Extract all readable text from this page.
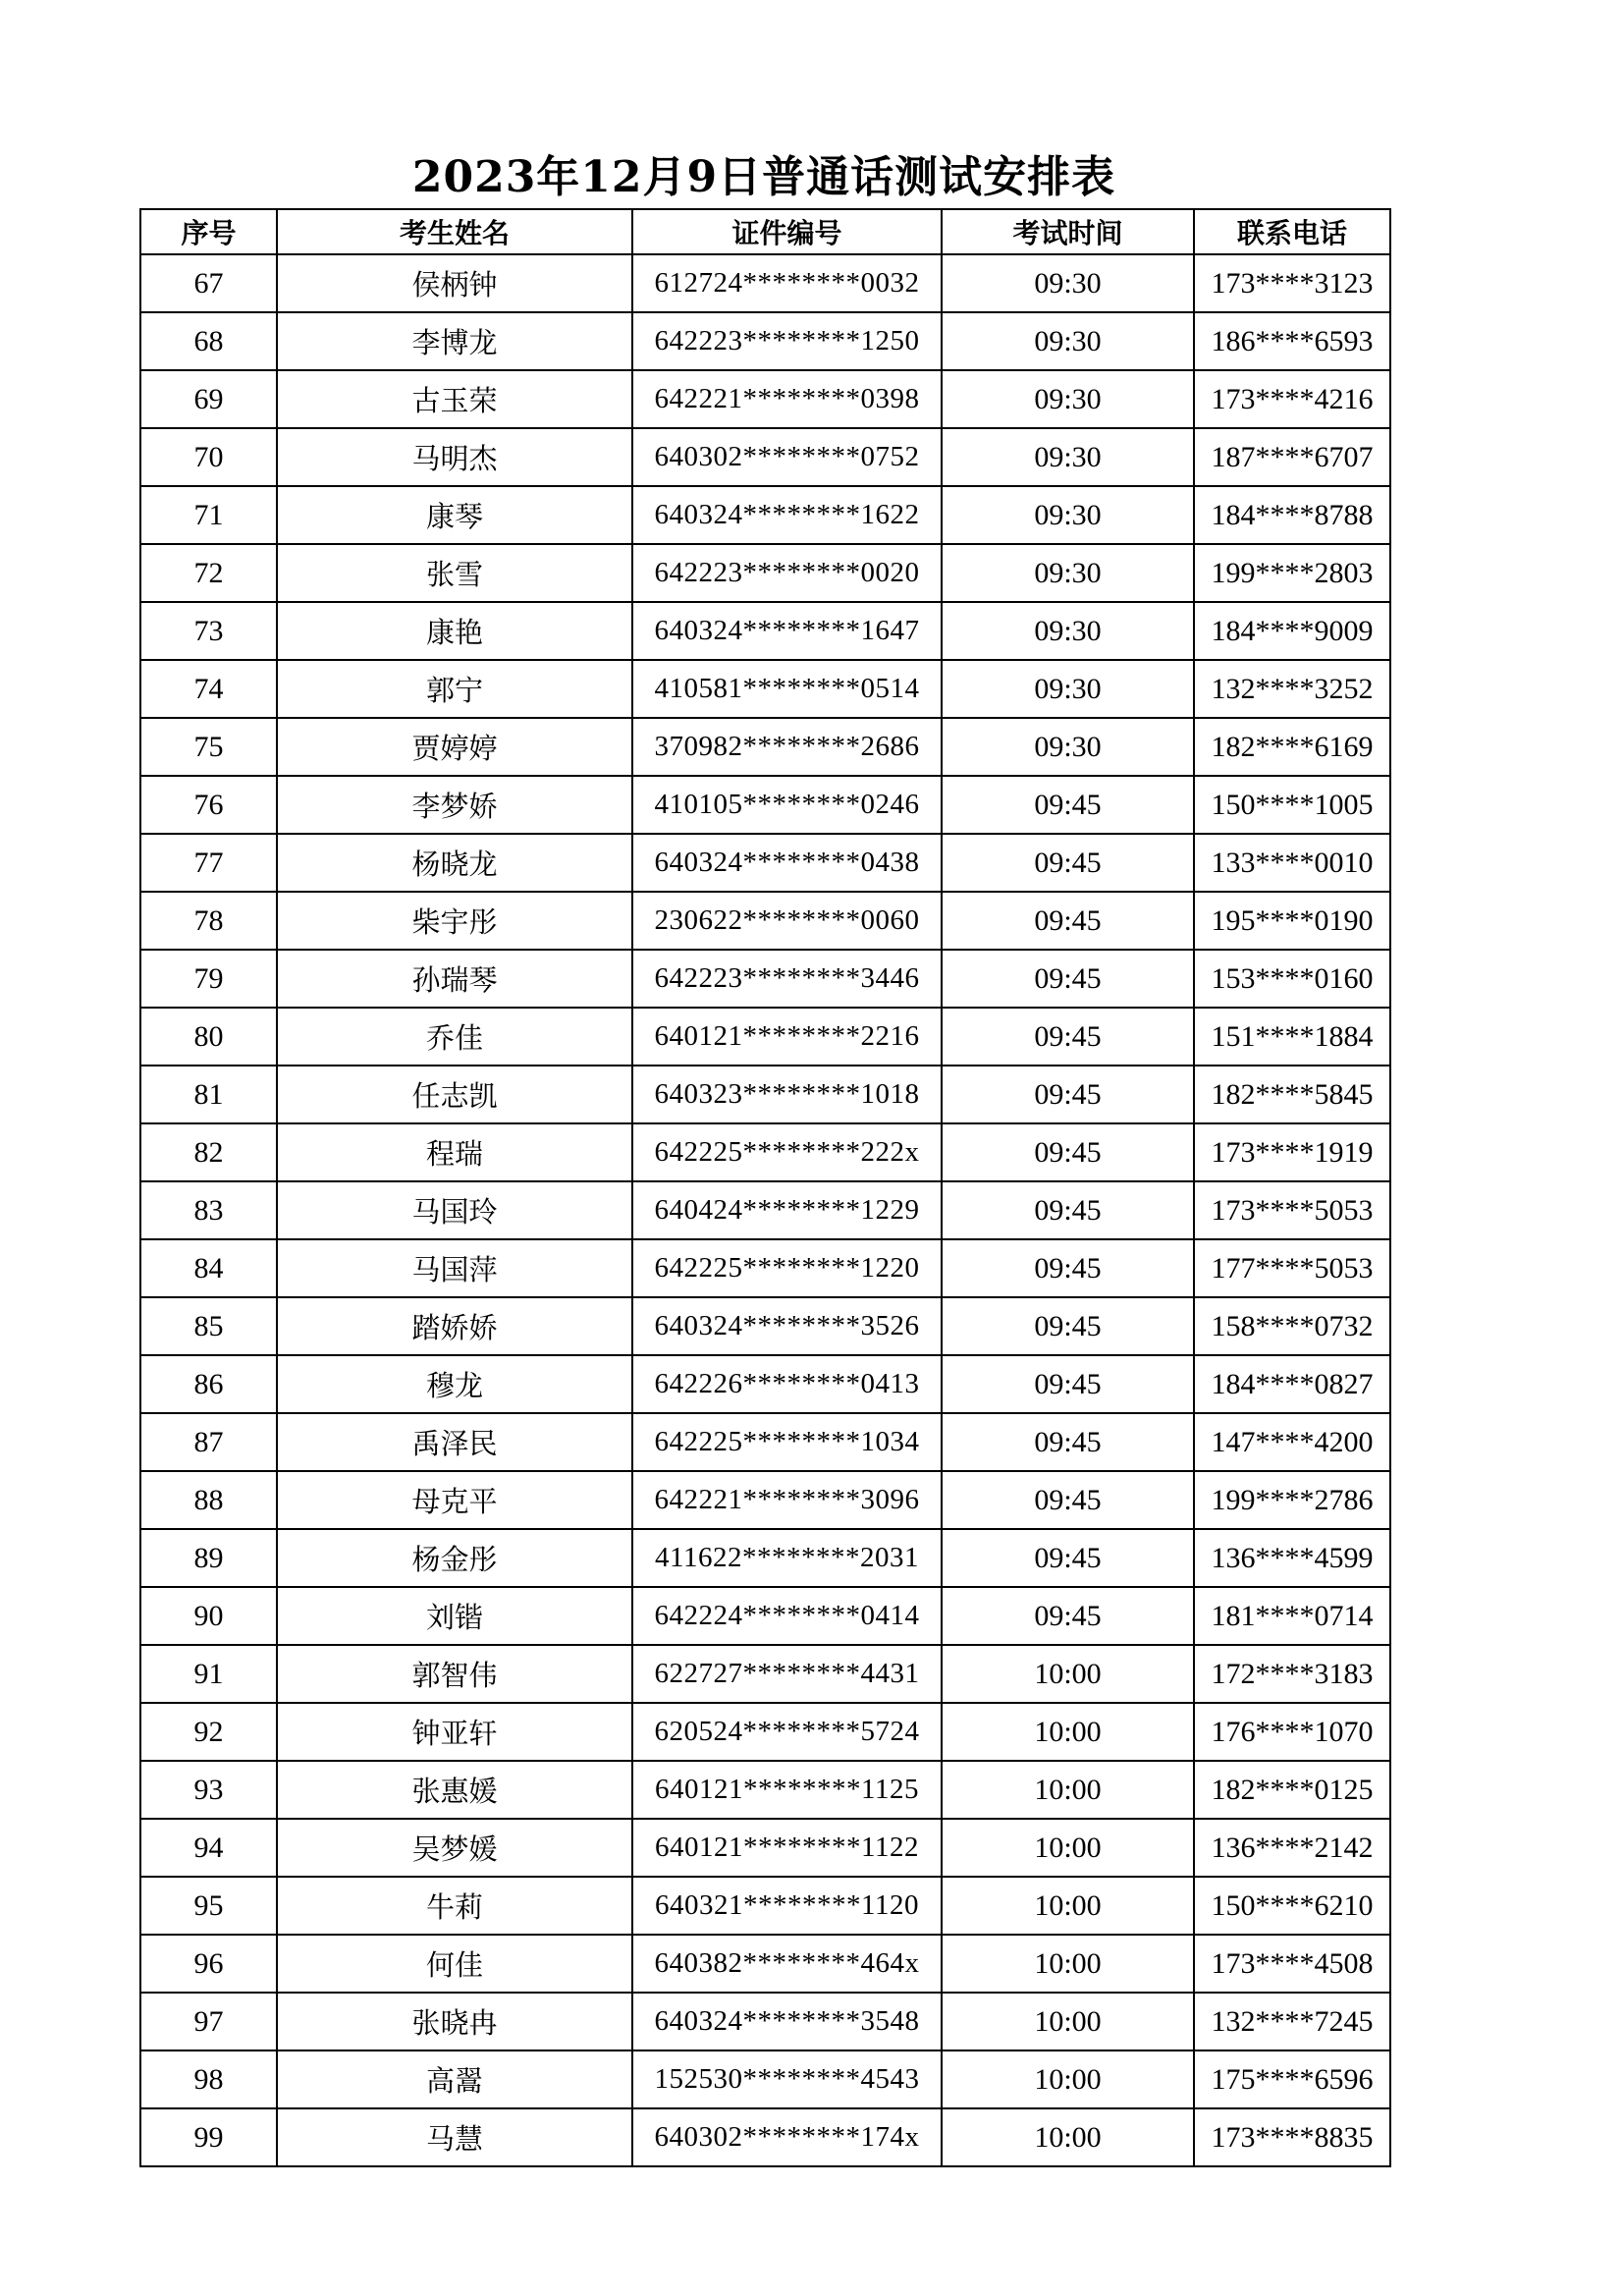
2023年12月9日普通话测试安排表
序号	考生姓名	证件编号	考试时间	联系电话
67	侯柄钟	612724********0032	09:30	173****3123
68	李博龙	642223********1250	09:30	186****6593
69	古玉荣	642221********0398	09:30	173****4216
70	马明杰	640302********0752	09:30	187****6707
71	康琴	640324********1622	09:30	184****8788
72	张雪	642223********0020	09:30	199****2803
73	康艳	640324********1647	09:30	184****9009
74	郭宁	410581********0514	09:30	132****3252
75	贾婷婷	370982********2686	09:30	182****6169
76	李梦娇	410105********0246	09:45	150****1005
77	杨晓龙	640324********0438	09:45	133****0010
78	柴宇彤	230622********0060	09:45	195****0190
79	孙瑞琴	642223********3446	09:45	153****0160
80	乔佳	640121********2216	09:45	151****1884
81	任志凯	640323********1018	09:45	182****5845
82	程瑞	642225********222x	09:45	173****1919
83	马国玲	640424********1229	09:45	173****5053
84	马国萍	642225********1220	09:45	177****5053
85	踏娇娇	640324********3526	09:45	158****0732
86	穆龙	642226********0413	09:45	184****0827
87	禹泽民	642225********1034	09:45	147****4200
88	母克平	642221********3096	09:45	199****2786
89	杨金彤	411622********2031	09:45	136****4599
90	刘锴	642224********0414	09:45	181****0714
91	郭智伟	622727********4431	10:00	172****3183
92	钟亚轩	620524********5724	10:00	176****1070
93	张惠媛	640121********1125	10:00	182****0125
94	吴梦媛	640121********1122	10:00	136****2142
95	牛莉	640321********1120	10:00	150****6210
96	何佳	640382********464x	10:00	173****4508
97	张晓冉	640324********3548	10:00	132****7245
98	高翯	152530********4543	10:00	175****6596
99	马慧	640302********174x	10:00	173****8835
